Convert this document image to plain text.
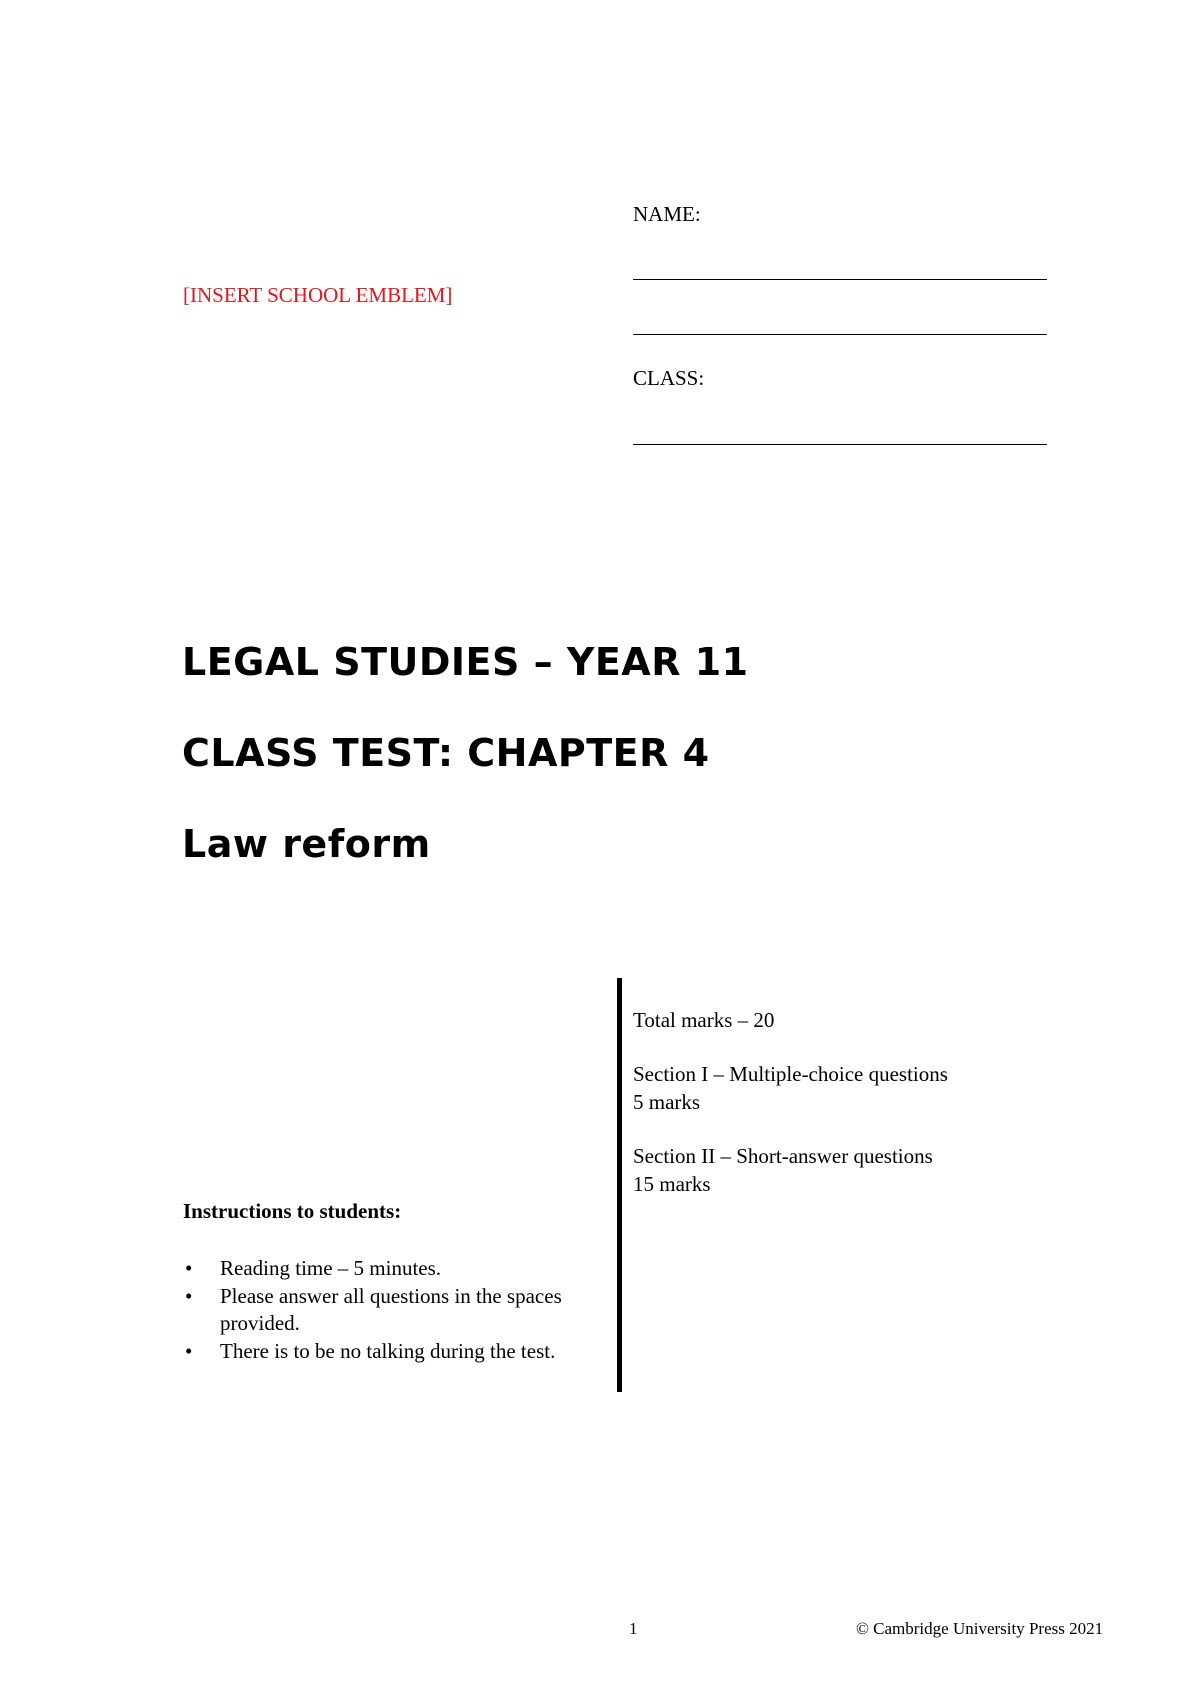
[INSERT SCHOOL EMBLEM]
NAME:
CLASS:
LEGAL STUDIES – YEAR 11
CLASS TEST: CHAPTER 4
Law reform
Instructions to students:
• Reading time – 5 minutes.
• Please answer all questions in the spaces provided.
• There is to be no talking during the test.
Total marks – 20
Section I – Multiple-choice questions
5 marks
Section II – Short-answer questions
15 marks
1	© Cambridge University Press 2021
